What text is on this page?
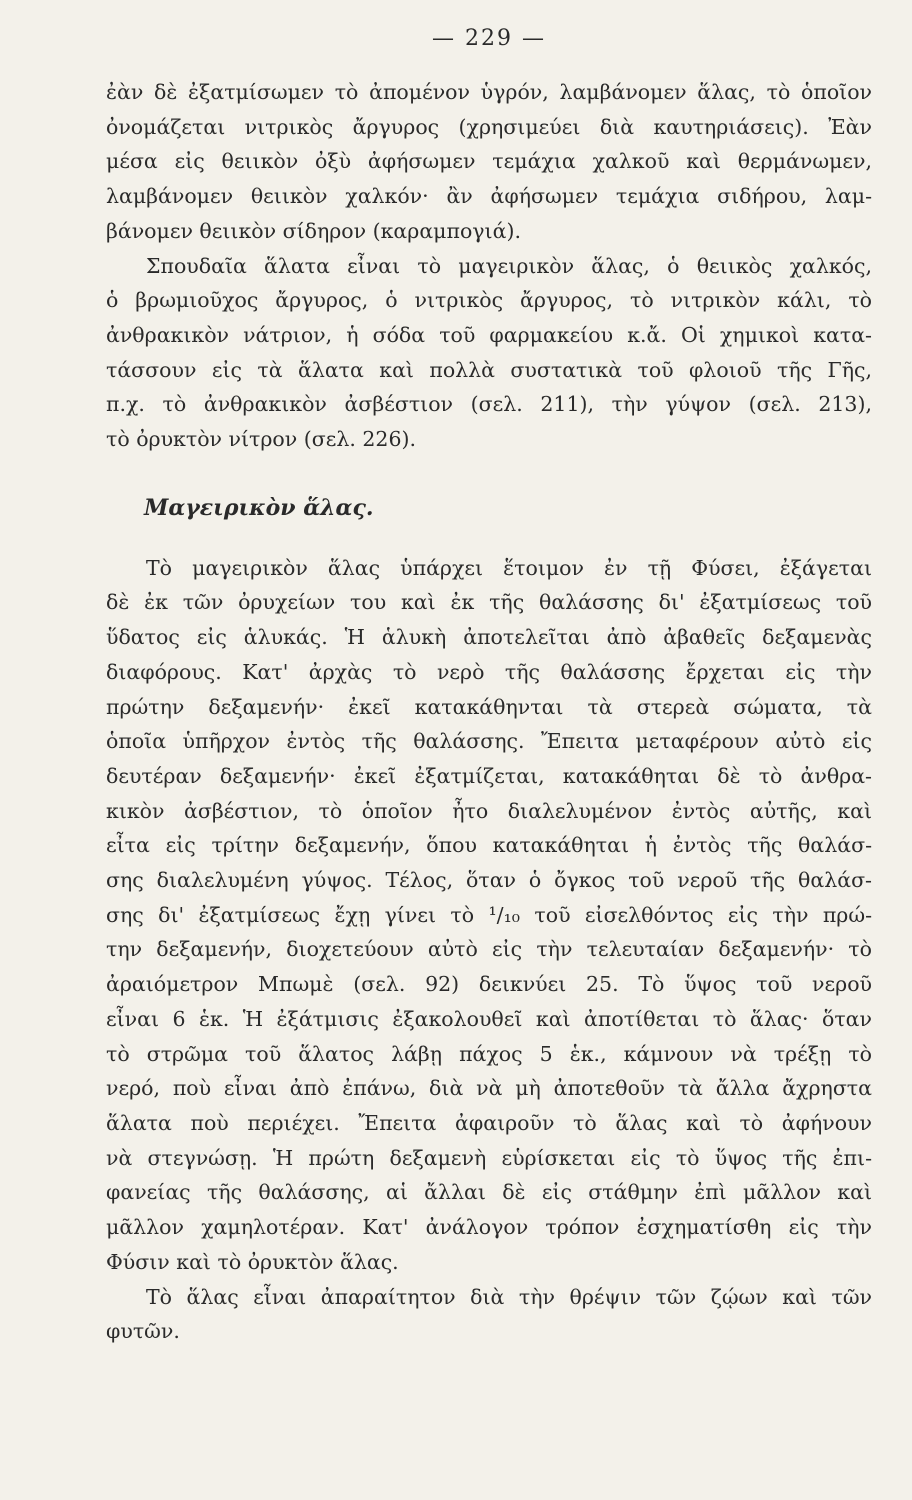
— 229 —
ἐὰν δὲ ἐξατμίσωμεν τὸ ἀπομένον ὑγρόν, λαμβάνομεν ἅλας, τὸ ὁποῖον
ὀνομάζεται νιτρικὸς ἄργυρος (χρησιμεύει διὰ καυτηριάσεις). Ἐὰν
μέσα εἰς θειικὸν ὀξὺ ἀφήσωμεν τεμάχια χαλκοῦ καὶ θερμάνωμεν,
λαμβάνομεν θειικὸν χαλκόν· ἂν ἀφήσωμεν τεμάχια σιδήρου, λαμ-
βάνομεν θειικὸν σίδηρον (καραμπογιά).
Σπουδαῖα ἅλατα εἶναι τὸ μαγειρικὸν ἅλας, ὁ θειικὸς χαλκός,
ὁ βρωμιοῦχος ἄργυρος, ὁ νιτρικὸς ἄργυρος, τὸ νιτρικὸν κάλι, τὸ
ἀνθρακικὸν νάτριον, ἡ σόδα τοῦ φαρμακείου κ.ἄ. Οἱ χημικοὶ κατα-
τάσσουν εἰς τὰ ἅλατα καὶ πολλὰ συστατικὰ τοῦ φλοιοῦ τῆς Γῆς,
π.χ. τὸ ἀνθρακικὸν ἀσβέστιον (σελ. 211), τὴν γύψον (σελ. 213),
τὸ ὀρυκτὸν νίτρον (σελ. 226).
Μαγειρικὸν ἅλας.
Τὸ μαγειρικὸν ἅλας ὑπάρχει ἕτοιμον ἐν τῇ Φύσει, ἐξάγεται
δὲ ἐκ τῶν ὀρυχείων του καὶ ἐκ τῆς θαλάσσης δι' ἐξατμίσεως τοῦ
ὕδατος εἰς ἁλυκάς. Ἡ ἁλυκὴ ἀποτελεῖται ἀπὸ ἀβαθεῖς δεξαμενὰς
διαφόρους. Κατ' ἀρχὰς τὸ νερὸ τῆς θαλάσσης ἔρχεται εἰς τὴν
πρώτην δεξαμενήν· ἐκεῖ κατακάθηνται τὰ στερεὰ σώματα, τὰ
ὁποῖα ὑπῆρχον ἐντὸς τῆς θαλάσσης. Ἔπειτα μεταφέρουν αὐτὸ εἰς
δευτέραν δεξαμενήν· ἐκεῖ ἐξατμίζεται, κατακάθηται δὲ τὸ ἀνθρα-
κικὸν ἀσβέστιον, τὸ ὁποῖον ἦτο διαλελυμένον ἐντὸς αὐτῆς, καὶ
εἶτα εἰς τρίτην δεξαμενήν, ὅπου κατακάθηται ἡ ἐντὸς τῆς θαλάσ-
σης διαλελυμένη γύψος. Τέλος, ὅταν ὁ ὄγκος τοῦ νεροῦ τῆς θαλάσ-
σης δι' ἐξατμίσεως ἔχῃ γίνει τὸ ¹/₁₀ τοῦ εἰσελθόντος εἰς τὴν πρώ-
την δεξαμενήν, διοχετεύουν αὐτὸ εἰς τὴν τελευταίαν δεξαμενήν· τὸ
ἀραιόμετρον Μπωμὲ (σελ. 92) δεικνύει 25. Τὸ ὕψος τοῦ νεροῦ
εἶναι 6 ἑκ. Ἡ ἐξάτμισις ἐξακολουθεῖ καὶ ἀποτίθεται τὸ ἅλας· ὅταν
τὸ στρῶμα τοῦ ἅλατος λάβῃ πάχος 5 ἑκ., κάμνουν νὰ τρέξῃ τὸ
νερό, ποὺ εἶναι ἀπὸ ἐπάνω, διὰ νὰ μὴ ἀποτεθοῦν τὰ ἄλλα ἄχρηστα
ἅλατα ποὺ περιέχει. Ἔπειτα ἀφαιροῦν τὸ ἅλας καὶ τὸ ἀφήνουν
νὰ στεγνώσῃ. Ἡ πρώτη δεξαμενὴ εὑρίσκεται εἰς τὸ ὕψος τῆς ἐπι-
φανείας τῆς θαλάσσης, αἱ ἄλλαι δὲ εἰς στάθμην ἐπὶ μᾶλλον καὶ
μᾶλλον χαμηλοτέραν. Κατ' ἀνάλογον τρόπον ἐσχηματίσθη εἰς τὴν
Φύσιν καὶ τὸ ὀρυκτὸν ἅλας.
Τὸ ἅλας εἶναι ἀπαραίτητον διὰ τὴν θρέψιν τῶν ζῴων καὶ τῶν
φυτῶν.
